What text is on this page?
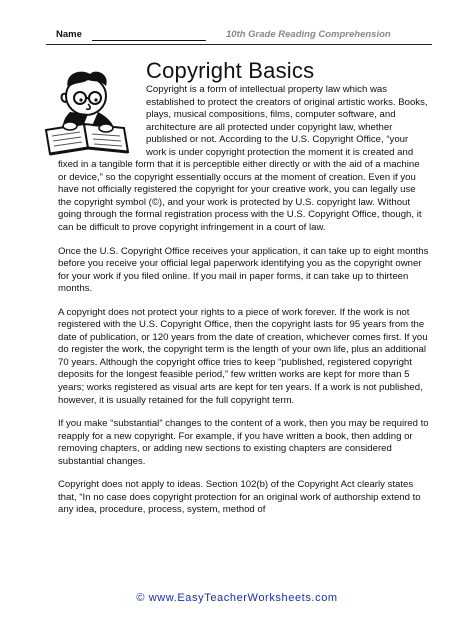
Name	10th Grade Reading Comprehension
Copyright Basics

Copyright is a form of intellectual property law which was established to protect the creators of original artistic works. Books, plays, musical compositions, films, computer software, and architecture are all protected under copyright law, whether published or not. According to the U.S. Copyright Office, “your work is under copyright protection the moment it is created and fixed in a tangible form that it is perceptible either directly or with the aid of a machine or device,” so the copyright essentially occurs at the moment of creation. Even if you have not officially registered the copyright for your creative work, you can legally use the copyright symbol (©), and your work is protected by U.S. copyright law. Without going through the formal registration process with the U.S. Copyright Office, though, it can be difficult to prove copyright infringement in a court of law.

Once the U.S. Copyright Office receives your application, it can take up to eight months before you receive your official legal paperwork identifying you as the copyright owner for your work if you filed online. If you mail in paper forms, it can take up to thirteen months.

A copyright does not protect your rights to a piece of work forever. If the work is not registered with the U.S. Copyright Office, then the copyright lasts for 95 years from the date of publication, or 120 years from the date of creation, whichever comes first. If you do register the work, the copyright term is the length of your own life, plus an additional 70 years. Although the copyright office tries to keep “published, registered copyright deposits for the longest feasible period,” few written works are kept for more than 5 years; works registered as visual arts are kept for ten years. If a work is not published, however, it is usually retained for the full copyright term.

If you make “substantial” changes to the content of a work, then you may be required to reapply for a new copyright. For example, if you have written a book, then adding or removing chapters, or adding new sections to existing chapters are considered substantial changes.

Copyright does not apply to ideas. Section 102(b) of the Copyright Act clearly states that, “In no case does copyright protection for an original work of authorship extend to any idea, procedure, process, system, method of

© www.EasyTeacherWorksheets.com
